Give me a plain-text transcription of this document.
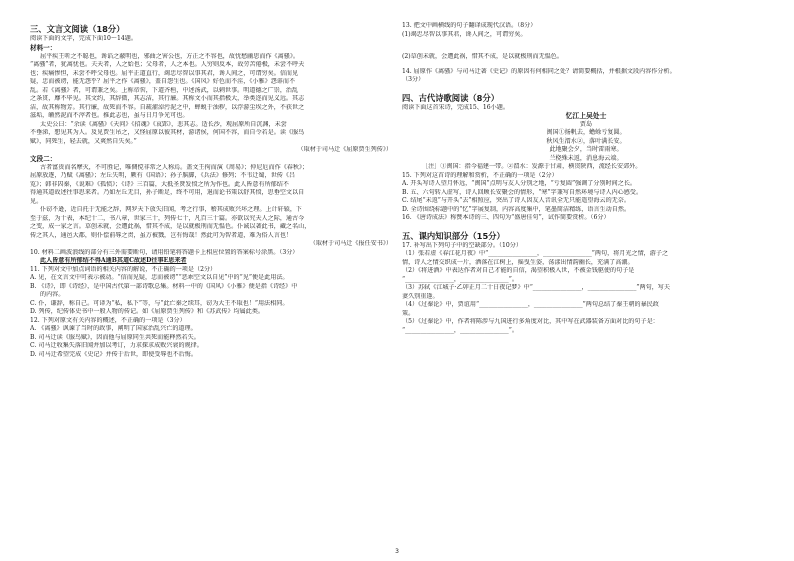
三、文言文阅读（18分）
阅读下面的文字，完成下面10～14题。
材料一：
屈平疾王听之不聪也，谗谄之蔽明也，邪曲之害公也，方正之不容也，故忧愁幽思而作《离骚》。
“离骚”者，犹离忧也。夫天者，人之始也；父母者，人之本也。人穷则反本，故劳苦倦极，未尝不呼天
也；疾痛惨怛，未尝不呼父母也。屈平正道直行，竭忠尽智以事其君，谗人间之，可谓穷矣。信而见
疑，忠而被谤，能无怨乎？屈平之作《离骚》，盖自怨生也。《国风》好色而不淫，《小雅》怨诽而不
乱。若《离骚》者，可谓兼之矣。上称帝喾，下道齐桓，中述汤武，以刺世事。明道德之广崇，治乱
之条贯，靡不毕见。其文约，其辞微，其志洁，其行廉。其称文小而其指极大，举类迩而见义远。其志
洁，故其称物芳。其行廉，故死而不容。自疏濯淖污泥之中，蝉蜕于浊秽，以浮游尘埃之外，不获世之
滋垢，皭然泥而不滓者也。推此志也，虽与日月争光可也。
太史公曰：“余读《离骚》《天问》《招魂》《哀郢》，悲其志。适长沙，观屈原所自沉渊，未尝
不垂涕，想见其为人。及见贾生吊之，又怪屈原以彼其材，游诸侯，何国不容，而自令若是。读《服鸟
赋》，同死生，轻去就，又爽然自失矣。”
（取材于司马迁《屈原贾生列传》）
文段二：
古者富贵而名摩灭，不可胜记，唯倜傥非常之人称焉。盖文王拘而演《周易》；仲尼厄而作《春秋》；
屈原放逐，乃赋《离骚》；左丘失明，厥有《国语》；孙子膑脚，《兵法》修列；不韦迁蜀，世传《吕
览》；韩非囚秦，《说难》《孤愤》；《诗》三百篇，大抵圣贤发愤之所为作也。此人皆意有所郁结不
得通其道故述往事思来者。乃如左丘无目，孙子断足，终不可用，退而论书策以舒其愤，思垂空文以自
见。
仆窃不逊，近自托于无能之辞，网罗天下放失旧闻，考之行事，稽其成败兴坏之理。上计轩辕，下
至于兹，为十表，本纪十二，书八章，世家三十，列传七十，凡百三十篇。亦欲以究天人之际，通古今
之变，成一家之言。草创未就，会遭此祸，惜其不成，是以就极刑而无愠色。仆诚以著此书，藏之名山，
传之其人，通邑大都，则仆偿前辱之责，虽万被戮，岂有悔哉！然此可为智者道，难为俗人言也！
（取材于司马迁《报任安书》）
10. 材料二画波浪线的部分有三外需要断句，请用铅笔将答题卡上相应位置的答案标号涂黑。（3分）
此人皆意有所郁结不得A通B其道C故述D往事E思来者
11. 下列对文中加点词语的相关内容的解说，不正确的一项是（2分）
A. 见，在文言文中可表示被动。“信而见疑，忠而被谤”“恶乖空文以自见”中的“见”便是此用法。
B. 《诗》，即《诗经》，是中国古代第一部诗歌总集。材料一中的《国风》《小雅》便是指《诗经》中
的内容。
C. 仆，谦辞，称自己。可译为“私，私下”等，与“此亡秦之续耳，窃为大王不取也！”用法相同。
D. 列传，纪传体史书中一般人物的传记。如《屈原贾生列传》和《苏武传》均属此类。
12. 下列对原文有关内容的概述，不正确的一项是（3分）
A. 《离骚》讽谏了当时的政事，阐明了国家治乱兴亡的道理。
B. 司马迁读《服鸟赋》，因而他与屈原同生共死而能释然若失。
C. 司马迁收集失落旧闻并加以考订，力求探求成败兴衰的规律。
D. 司马迁希望完成《史记》并传于后世，即使受辱也不后悔。
13. 把文中画横线的句子翻译成现代汉语。（8分）
(1)竭忠尽智以事其君，谗人间之，可谓穷矣。
(2)草创未就，会遭此祸，惜其不成，是以就极刑而无愠色。
14. 屈原作《离骚》与司马迁著《史记》的原因有何相同之处？请简要概括，并根据文段内容作分析。
（3分）
四、古代诗歌阅读（8分）
阅读下面这首宋诗，完成15、16小题。
忆江上吴处士
贾岛
闽国①扬帆去，蟾蜍亏复圆。
秋风生渭水②，落叶满长安。
此地聚会夕，当时雷雨寒。
兰桡殊未返，消息海云端。
［注］①闽国：指今福建一带。②渭水：发源于甘肃，横贯陕西，流经长安郊外。
15. 下列对这首诗的理解和赏析，不正确的一项是（2分）
A. 开头写诗人望月怀远，“闽国”点明与友人分别之地，“亏复圆”强调了分别时间之长。
B. 五、六句转入虚写，诗人回顾长安聚会的情形，“寒”字兼写自然环境与诗人内心感受。
C. 结尾“未返”与开头“去”相照应，突出了诗人因友人音讯全无只能遥望海云的无奈。
D. 全诗围绕标题中的“忆”字展复制，内容高度集中，笔墨简洁精练，语言生动自然。
16. 《唐诗成法》称赞本诗的三、四句为“盛唐佳句”，试作简要赏析。（6分）
五、课内知识部分（15分）
17. 补写出下列句子中的空缺部分。（10分）
（1）张若虚《春江花月夜》中“________________，________________”两句，将月光之情，游子之
情，诗人之情交织成一片，洒落在江树上，摇曳生姿，荡漾出情韵幽长，充满了高潮。
（2）《将进酒》中表达作者对自己才能的自信，渴望积极入世，不被金钱驱使的句子是
“________________，________________”。
（3）苏轼《江城子·乙卯正月二十日夜记梦》中“________________，________________”两句，写夫
妻久别重逢。
（4）《过秦论》中，贾谊用“________________，________________”两句总结了秦王朝的暴民政
策。
（5）《过秦论》中，作者将陈涉与九国进行多角度对比，其中写在武器装备方面对比的句子是：
“________________，________________”。
3
